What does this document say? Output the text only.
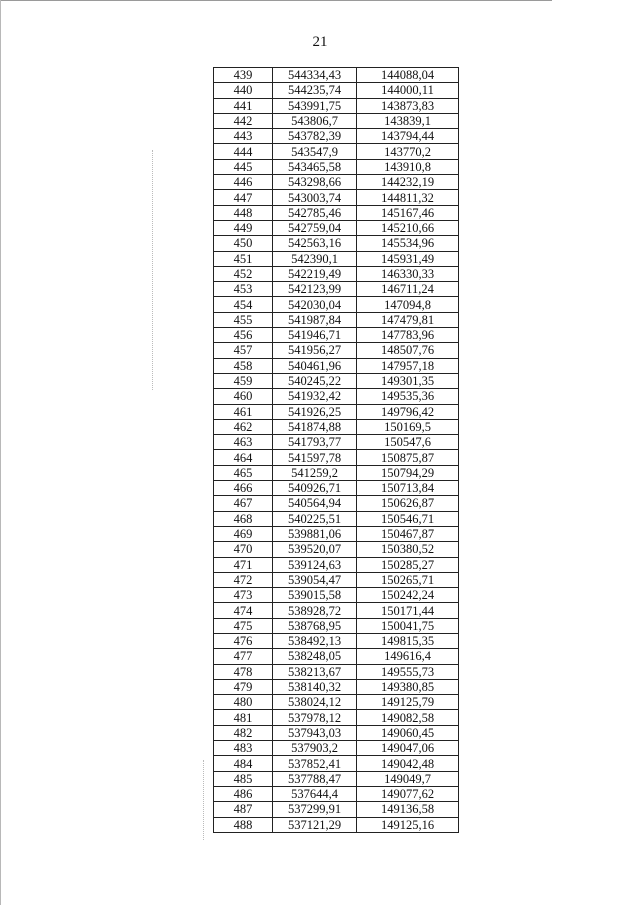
21
439	544334,43	144088,04
440	544235,74	144000,11
441	543991,75	143873,83
442	543806,7	143839,1
443	543782,39	143794,44
444	543547,9	143770,2
445	543465,58	143910,8
446	543298,66	144232,19
447	543003,74	144811,32
448	542785,46	145167,46
449	542759,04	145210,66
450	542563,16	145534,96
451	542390,1	145931,49
452	542219,49	146330,33
453	542123,99	146711,24
454	542030,04	147094,8
455	541987,84	147479,81
456	541946,71	147783,96
457	541956,27	148507,76
458	540461,96	147957,18
459	540245,22	149301,35
460	541932,42	149535,36
461	541926,25	149796,42
462	541874,88	150169,5
463	541793,77	150547,6
464	541597,78	150875,87
465	541259,2	150794,29
466	540926,71	150713,84
467	540564,94	150626,87
468	540225,51	150546,71
469	539881,06	150467,87
470	539520,07	150380,52
471	539124,63	150285,27
472	539054,47	150265,71
473	539015,58	150242,24
474	538928,72	150171,44
475	538768,95	150041,75
476	538492,13	149815,35
477	538248,05	149616,4
478	538213,67	149555,73
479	538140,32	149380,85
480	538024,12	149125,79
481	537978,12	149082,58
482	537943,03	149060,45
483	537903,2	149047,06
484	537852,41	149042,48
485	537788,47	149049,7
486	537644,4	149077,62
487	537299,91	149136,58
488	537121,29	149125,16
